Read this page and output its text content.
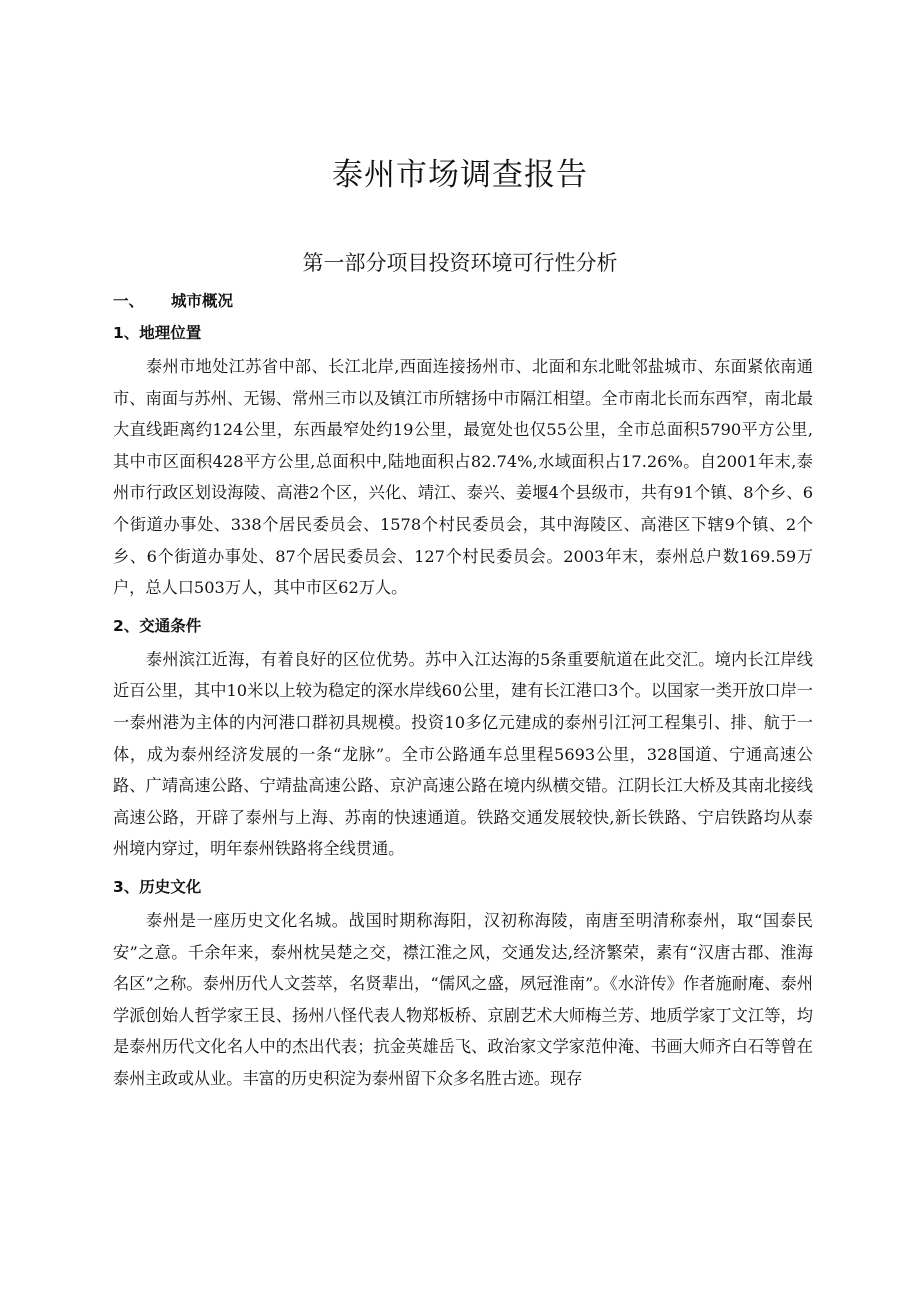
泰州市场调查报告
第一部分项目投资环境可行性分析
一、 城市概况
1、地理位置

泰州市地处江苏省中部、长江北岸,西面连接扬州市、北面和东北毗邻盐城市、东面紧依南通市、南面与苏州、无锡、常州三市以及镇江市所辖扬中市隔江相望。全市南北长而东西窄，南北最大直线距离约124公里，东西最窄处约19公里，最宽处也仅55公里，全市总面积5790平方公里,其中市区面积428平方公里,总面积中,陆地面积占82.74%,水域面积占17.26%。自2001年末,泰州市行政区划设海陵、高港2个区，兴化、靖江、泰兴、姜堰4个县级市，共有91个镇、8个乡、6个街道办事处、338个居民委员会、1578个村民委员会，其中海陵区、高港区下辖9个镇、2个乡、6个街道办事处、87个居民委员会、127个村民委员会。2003年末，泰州总户数169.59万户，总人口503万人，其中市区62万人。

2、交通条件

泰州滨江近海，有着良好的区位优势。苏中入江达海的5条重要航道在此交汇。境内长江岸线近百公里，其中10米以上较为稳定的深水岸线60公里，建有长江港口3个。以国家一类开放口岸一一泰州港为主体的内河港口群初具规模。投资10多亿元建成的泰州引江河工程集引、排、航于一体，成为泰州经济发展的一条“龙脉”。全市公路通车总里程5693公里，328国道、宁通高速公路、广靖高速公路、宁靖盐高速公路、京沪高速公路在境内纵横交错。江阴长江大桥及其南北接线高速公路，开辟了泰州与上海、苏南的快速通道。铁路交通发展较快,新长铁路、宁启铁路均从泰州境内穿过，明年泰州铁路将全线贯通。

3、历史文化

泰州是一座历史文化名城。战国时期称海阳，汉初称海陵，南唐至明清称泰州，取“国泰民安”之意。千余年来，泰州枕吴楚之交，襟江淮之风，交通发达,经济繁荣，素有“汉唐古郡、淮海名区”之称。泰州历代人文荟萃，名贤辈出，“儒风之盛，夙冠淮南”。《水浒传》作者施耐庵、泰州学派创始人哲学家王艮、扬州八怪代表人物郑板桥、京剧艺术大师梅兰芳、地质学家丁文江等，均是泰州历代文化名人中的杰出代表；抗金英雄岳飞、政治家文学家范仲淹、书画大师齐白石等曾在泰州主政或从业。丰富的历史积淀为泰州留下众多名胜古迹。现存
